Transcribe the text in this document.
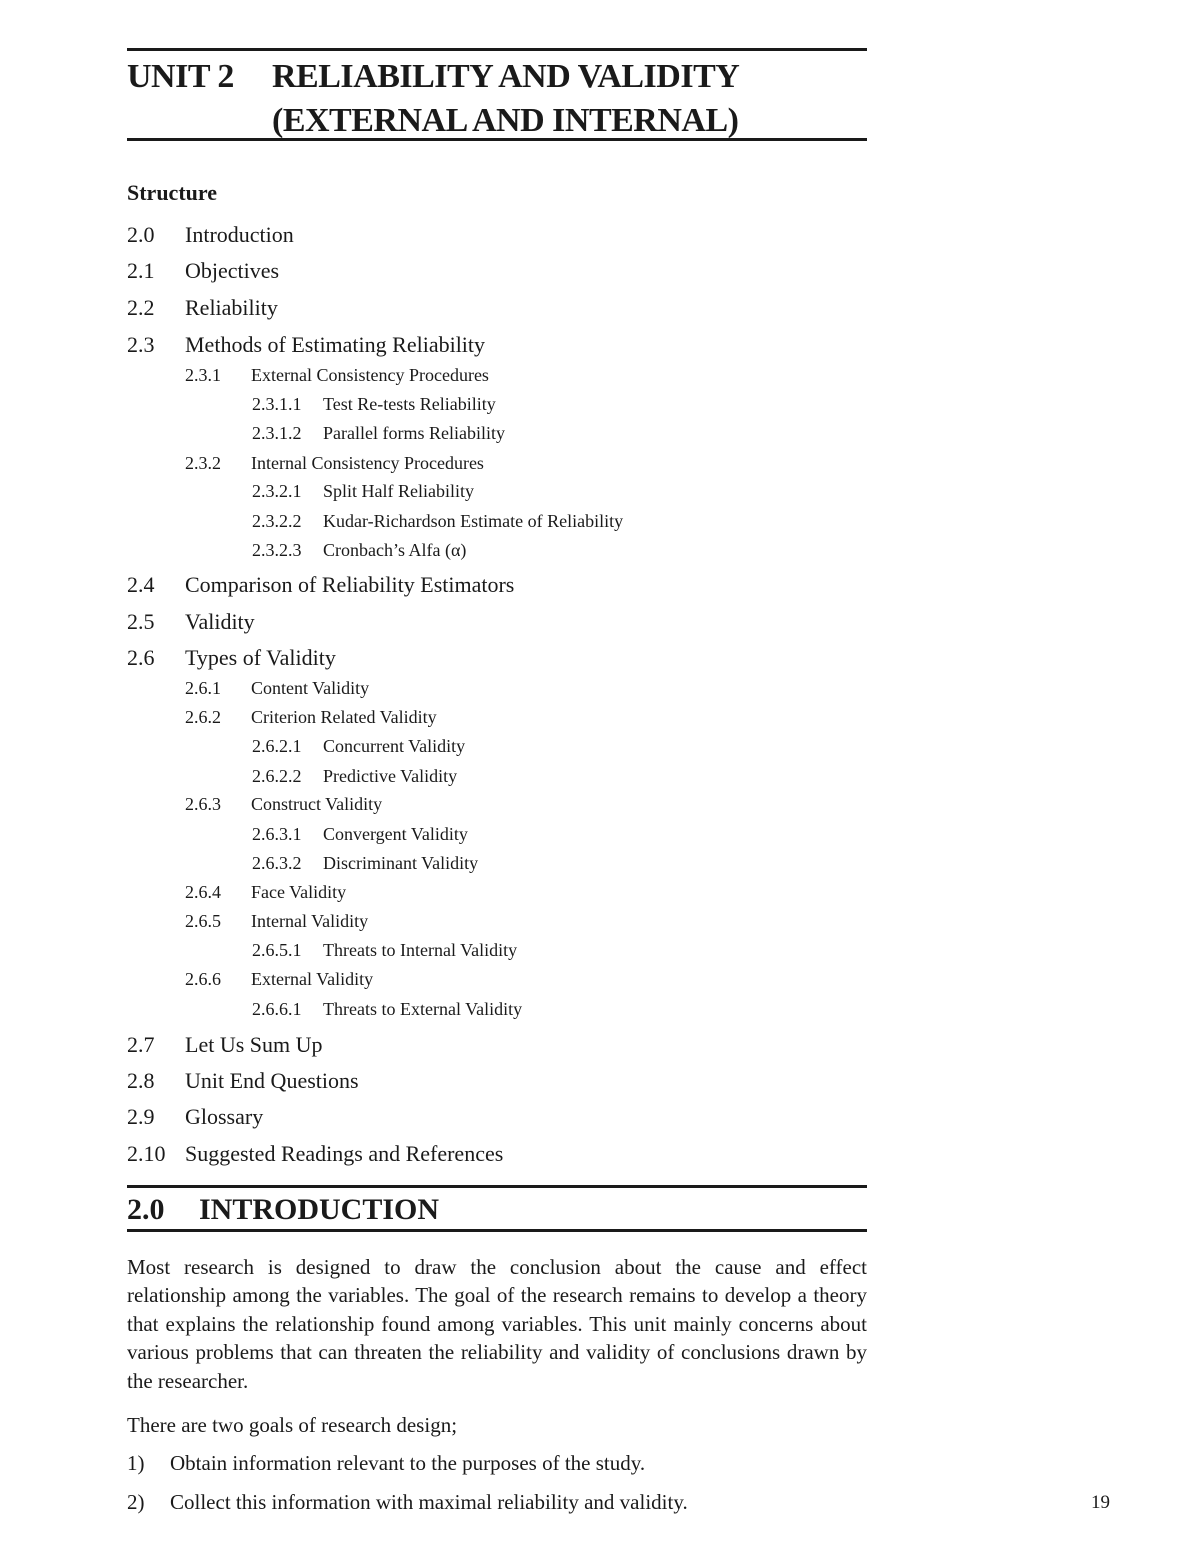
UNIT 2 RELIABILITY AND VALIDITY
(EXTERNAL AND INTERNAL)
Structure
2.0 Introduction
2.1 Objectives
2.2 Reliability
2.3 Methods of Estimating Reliability
2.3.1 External Consistency Procedures
2.3.1.1 Test Re-tests Reliability
2.3.1.2 Parallel forms Reliability
2.3.2 Internal Consistency Procedures
2.3.2.1 Split Half Reliability
2.3.2.2 Kudar-Richardson Estimate of Reliability
2.3.2.3 Cronbach’s Alfa (α)
2.4 Comparison of Reliability Estimators
2.5 Validity
2.6 Types of Validity
2.6.1 Content Validity
2.6.2 Criterion Related Validity
2.6.2.1 Concurrent Validity
2.6.2.2 Predictive Validity
2.6.3 Construct Validity
2.6.3.1 Convergent Validity
2.6.3.2 Discriminant Validity
2.6.4 Face Validity
2.6.5 Internal Validity
2.6.5.1 Threats to Internal Validity
2.6.6 External Validity
2.6.6.1 Threats to External Validity
2.7 Let Us Sum Up
2.8 Unit End Questions
2.9 Glossary
2.10 Suggested Readings and References
2.0 INTRODUCTION

Most research is designed to draw the conclusion about the cause and effect relationship among the variables. The goal of the research remains to develop a theory that explains the relationship found among variables. This unit mainly concerns about various problems that can threaten the reliability and validity of conclusions drawn by the researcher.

There are two goals of research design;

1) Obtain information relevant to the purposes of the study.
2) Collect this information with maximal reliability and validity.	19
